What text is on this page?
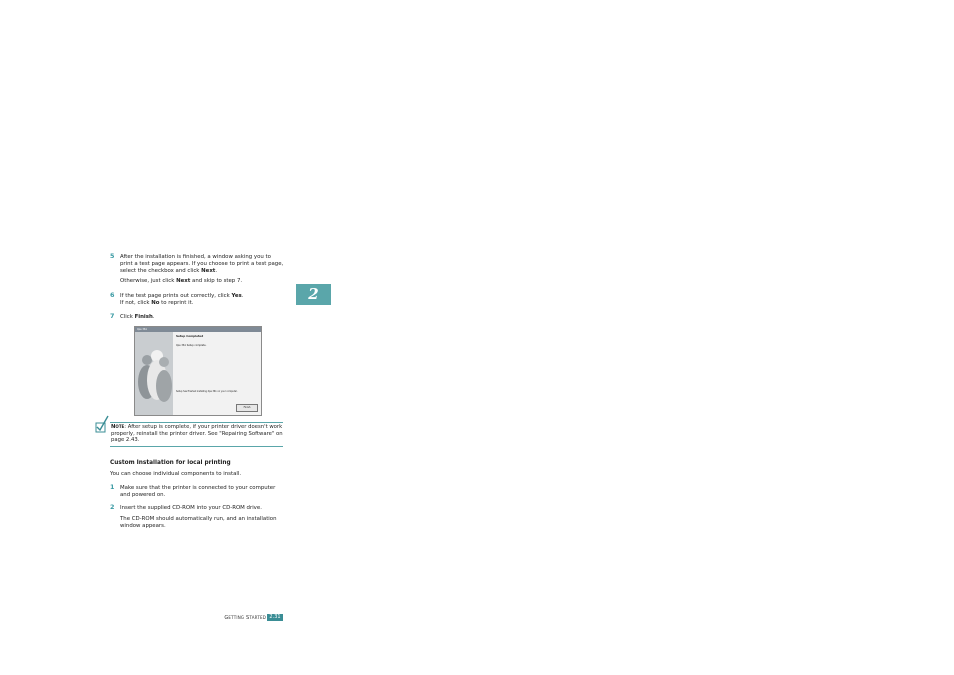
2
5 After the installation is finished, a window asking you to print a test page appears. If you choose to print a test page, select the checkbox and click Next.
Otherwise, just click Next and skip to step 7.
6 If the test page prints out correctly, click Yes.
If not, click No to reprint it.
7 Click Finish.
Xpe 361
Setup Completed
Xpe 361 Setup complete.
Setup has finished installing Xpe 361 on your computer.
Finish
Note: After setup is complete, if your printer driver doesn't work properly, reinstall the printer driver. See "Repairing Software" on page 2.43.
Custom Installation for local printing
You can choose individual components to install.
1 Make sure that the printer is connected to your computer and powered on.
2 Insert the supplied CD-ROM into your CD-ROM drive.
The CD-ROM should automatically run, and an installation window appears.
Getting Started 2.31
